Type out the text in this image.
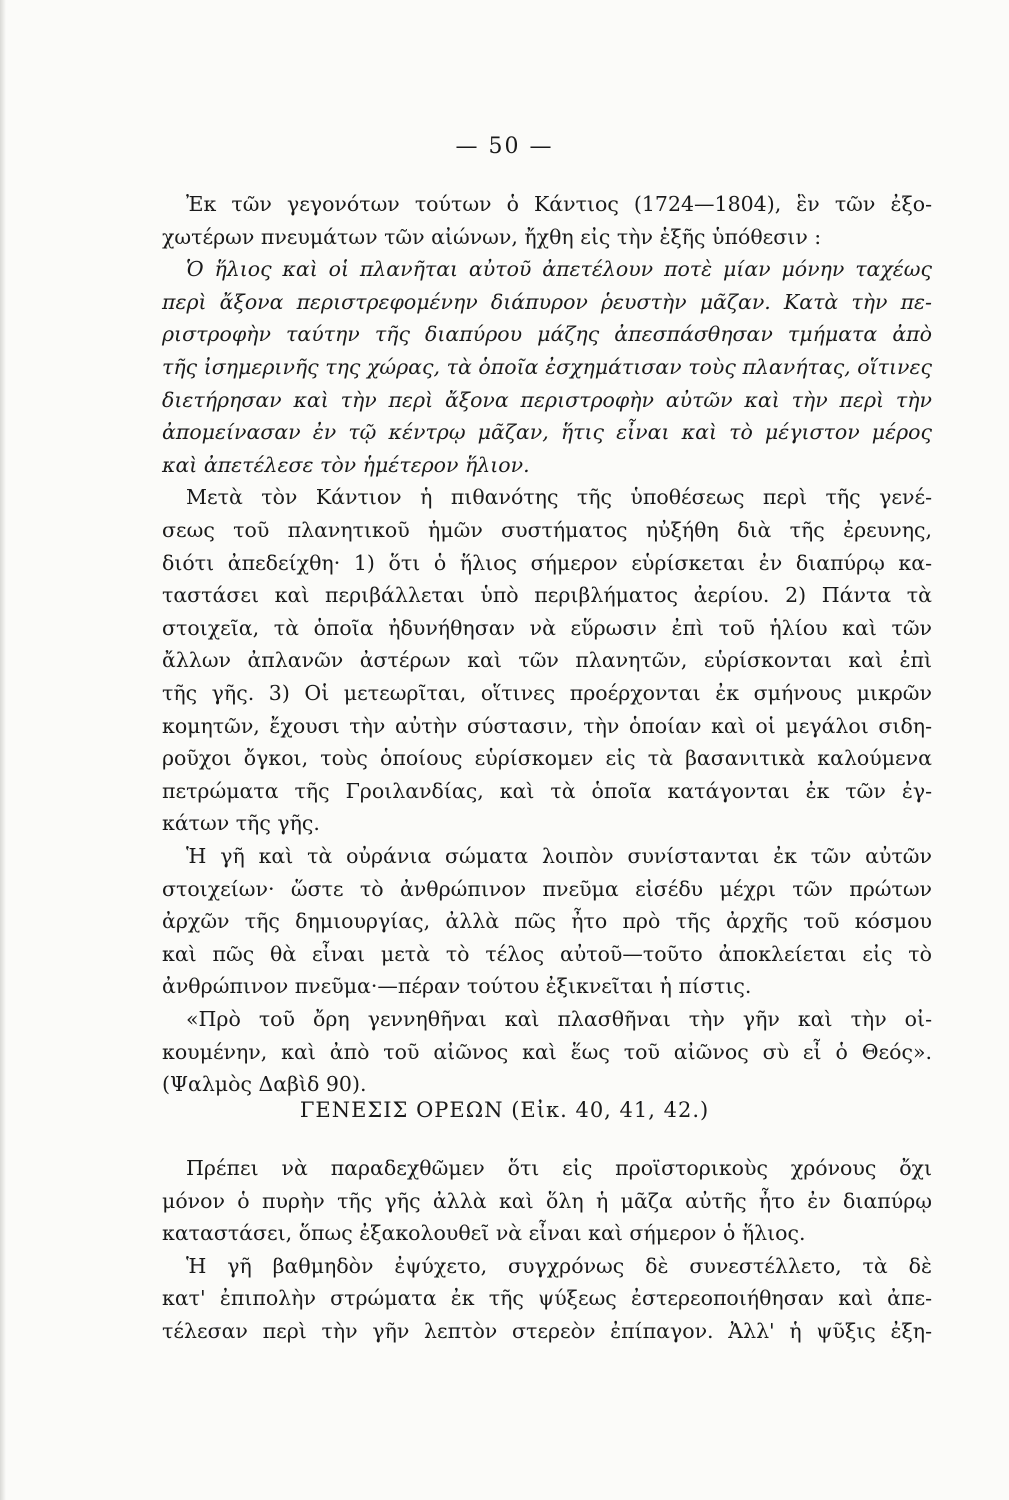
— 50 —
Ἐκ τῶν γεγονότων τούτων ὁ Κάντιος (1724—1804), ἓν τῶν ἐξο-
χωτέρων πνευμάτων τῶν αἰώνων, ἤχθη εἰς τὴν ἑξῆς ὑπόθεσιν :
Ὁ ἥλιος καὶ οἱ πλανῆται αὐτοῦ ἀπετέλουν ποτὲ μίαν μόνην ταχέως
περὶ ἄξονα περιστρεφομένην διάπυρον ῥευστὴν μᾶζαν. Κατὰ τὴν πε-
ριστροφὴν ταύτην τῆς διαπύρου μάζης ἀπεσπάσθησαν τμήματα ἀπὸ
τῆς ἰσημερινῆς της χώρας, τὰ ὁποῖα ἐσχημάτισαν τοὺς πλανήτας, οἵτινες
διετήρησαν καὶ τὴν περὶ ἄξονα περιστροφὴν αὐτῶν καὶ τὴν περὶ τὴν
ἀπομείνασαν ἐν τῷ κέντρῳ μᾶζαν, ἥτις εἶναι καὶ τὸ μέγιστον μέρος
καὶ ἀπετέλεσε τὸν ἡμέτερον ἥλιον.
Μετὰ τὸν Κάντιον ἡ πιθανότης τῆς ὑποθέσεως περὶ τῆς γενέ-
σεως τοῦ πλανητικοῦ ἡμῶν συστήματος ηὐξήθη διὰ τῆς ἐρευνης,
διότι ἀπεδείχθη· 1) ὅτι ὁ ἥλιος σήμερον εὑρίσκεται ἐν διαπύρῳ κα-
ταστάσει καὶ περιβάλλεται ὑπὸ περιβλήματος ἀερίου. 2) Πάντα τὰ
στοιχεῖα, τὰ ὁποῖα ἠδυνήθησαν νὰ εὕρωσιν ἐπὶ τοῦ ἡλίου καὶ τῶν
ἄλλων ἀπλανῶν ἀστέρων καὶ τῶν πλανητῶν, εὑρίσκονται καὶ ἐπὶ
τῆς γῆς. 3) Οἱ μετεωρῖται, οἵτινες προέρχονται ἐκ σμήνους μικρῶν
κομητῶν, ἔχουσι τὴν αὐτὴν σύστασιν, τὴν ὁποίαν καὶ οἱ μεγάλοι σιδη-
ροῦχοι ὄγκοι, τοὺς ὁποίους εὑρίσκομεν εἰς τὰ βασανιτικὰ καλούμενα
πετρώματα τῆς Γροιλανδίας, καὶ τὰ ὁποῖα κατάγονται ἐκ τῶν ἐγ-
κάτων τῆς γῆς.
Ἡ γῆ καὶ τὰ οὐράνια σώματα λοιπὸν συνίστανται ἐκ τῶν αὐτῶν
στοιχείων· ὥστε τὸ ἀνθρώπινον πνεῦμα εἰσέδυ μέχρι τῶν πρώτων
ἀρχῶν τῆς δημιουργίας, ἀλλὰ πῶς ἦτο πρὸ τῆς ἀρχῆς τοῦ κόσμου
καὶ πῶς θὰ εἶναι μετὰ τὸ τέλος αὐτοῦ—τοῦτο ἀποκλείεται εἰς τὸ
ἀνθρώπινον πνεῦμα·—πέραν τούτου ἐξικνεῖται ἡ πίστις.
«Πρὸ τοῦ ὄρη γεννηθῆναι καὶ πλασθῆναι τὴν γῆν καὶ τὴν οἰ-
κουμένην, καὶ ἀπὸ τοῦ αἰῶνος καὶ ἕως τοῦ αἰῶνος σὺ εἶ ὁ Θεός».
(Ψαλμὸς Δαβὶδ 90).
ΓΕΝΕΣΙΣ ΟΡΕΩΝ (Εἰκ. 40, 41, 42.)
Πρέπει νὰ παραδεχθῶμεν ὅτι εἰς προϊστορικοὺς χρόνους ὄχι
μόνον ὁ πυρὴν τῆς γῆς ἀλλὰ καὶ ὅλη ἡ μᾶζα αὐτῆς ἦτο ἐν διαπύρῳ
καταστάσει, ὅπως ἐξακολουθεῖ νὰ εἶναι καὶ σήμερον ὁ ἥλιος.
Ἡ γῆ βαθμηδὸν ἐψύχετο, συγχρόνως δὲ συνεστέλλετο, τὰ δὲ
κατ' ἐπιπολὴν στρώματα ἐκ τῆς ψύξεως ἐστερεοποιήθησαν καὶ ἀπε-
τέλεσαν περὶ τὴν γῆν λεπτὸν στερεὸν ἐπίπαγον. Ἀλλ' ἡ ψῦξις ἐξη-
